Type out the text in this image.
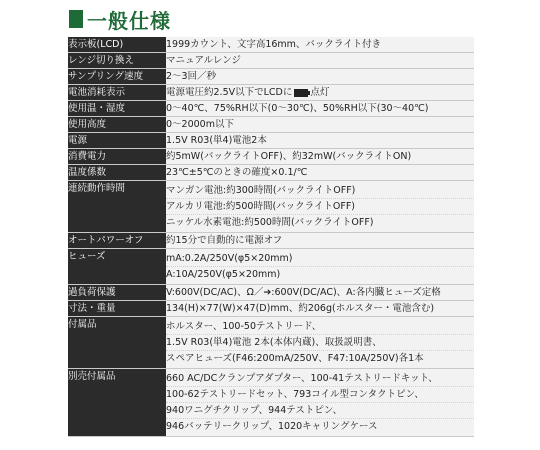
一般仕様
表示板(LCD)	1999カウント、文字高16mm、バックライト付き

レンジ切り換え	マニュアルレンジ

サンプリング速度	2～3回／秒

電池消耗表示	電源電圧約2.5V以下でLCDに 点灯

使用温・湿度	0～40℃、75%RH以下(0～30℃)、50%RH以下(30～40℃)

使用高度	0～2000m以下

電源	1.5V R03(単4)電池2本

消費電力	約5mW(バックライトOFF)、約32mW(バックライトON)

温度係数	23℃±5℃のときの確度×0.1/℃

連続動作時間	マンガン電池:約300時間(バックライトOFF)
アルカリ電池:約500時間(バックライトOFF)
ニッケル水素電池:約500時間(バックライトOFF)

オートパワーオフ	約15分で自動的に電源オフ

ヒューズ	mA:0.2A/250V(φ5×20mm)
A:10A/250V(φ5×20mm)

過負荷保護	V:600V(DC/AC)、Ω／➔:600V(DC/AC)、A:各内臓ヒューズ定格

寸法・重量	134(H)×77(W)×47(D)mm、約206g(ホルスター・電池含む)

付属品	ホルスター、100-50テストリード、
1.5V R03(単4)電池 2本(本体内蔵)、取扱説明書、
スペアヒューズ(F46:200mA/250V、F47:10A/250V)各1本

別売付属品	660 AC/DCクランプアダプター、100-41テストリードキット、
100-62テストリードセット、793コイル型コンタクトピン、
940ワニグチクリップ、944テストピン、
946バッテリークリップ、1020キャリングケース
